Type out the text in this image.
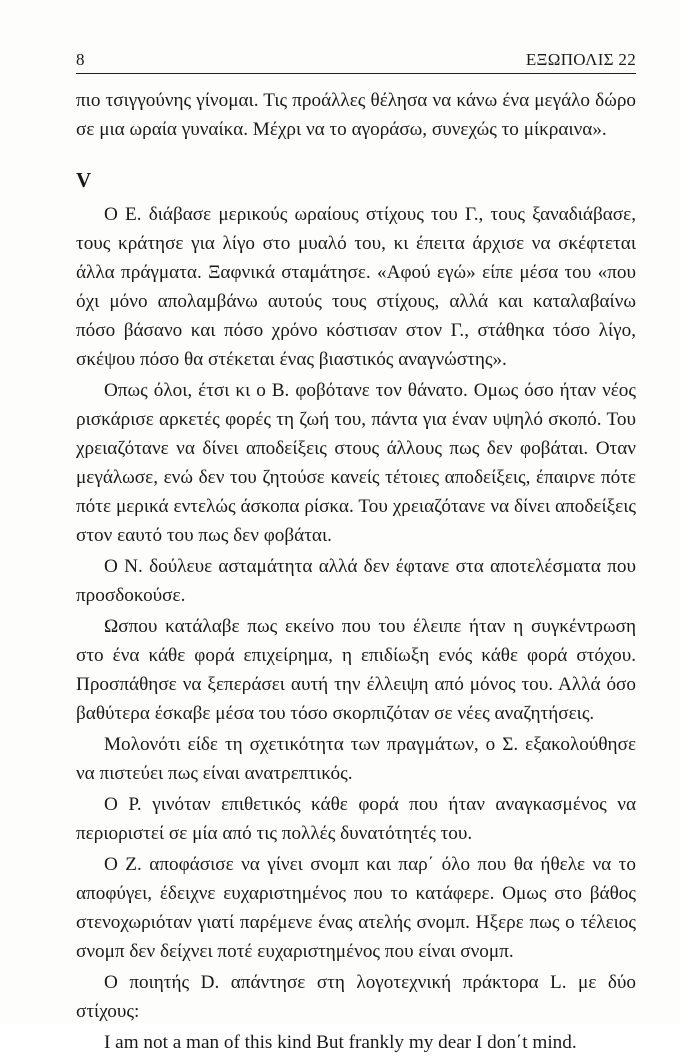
8	ΕΞΩΠΟΛΙΣ 22

πιο τσιγγούνης γίνομαι. Τις προάλλες θέλησα να κάνω ένα μεγάλο δώρο σε μια ωραία γυναίκα. Μέχρι να το αγοράσω, συνεχώς το μίκραινα».

V

Ο Ε. διάβασε μερικούς ωραίους στίχους του Γ., τους ξαναδιάβασε, τους κράτησε για λίγο στο μυαλό του, κι έπειτα άρχισε να σκέφτεται άλλα πράγματα. Ξαφνικά σταμάτησε. «Αφού εγώ» είπε μέσα του «που όχι μόνο απολαμβάνω αυτούς τους στίχους, αλλά και καταλαβαίνω πόσο βάσανο και πόσο χρόνο κόστισαν στον Γ., στάθηκα τόσο λίγο, σκέψου πόσο θα στέκεται ένας βιαστικός αναγνώστης».

Οπως όλοι, έτσι κι ο Β. φοβότανε τον θάνατο. Ομως όσο ήταν νέος ρισκάρισε αρκετές φορές τη ζωή του, πάντα για έναν υψηλό σκοπό. Του χρειαζότανε να δίνει αποδείξεις στους άλλους πως δεν φοβάται. Οταν μεγάλωσε, ενώ δεν του ζητούσε κανείς τέτοιες αποδείξεις, έπαιρνε πότε πότε μερικά εντελώς άσκοπα ρίσκα. Του χρειαζότανε να δίνει αποδείξεις στον εαυτό του πως δεν φοβάται.

Ο Ν. δούλευε ασταμάτητα αλλά δεν έφτανε στα αποτελέσματα που προσδοκούσε.

Ωσπου κατάλαβε πως εκείνο που του έλειπε ήταν η συγκέντρωση στο ένα κάθε φορά επιχείρημα, η επιδίωξη ενός κάθε φορά στόχου. Προσπάθησε να ξεπεράσει αυτή την έλλειψη από μόνος του. Αλλά όσο βαθύτερα έσκαβε μέσα του τόσο σκορπιζόταν σε νέες αναζητήσεις.

Μολονότι είδε τη σχετικότητα των πραγμάτων, ο Σ. εξακολούθησε να πιστεύει πως είναι ανατρεπτικός.

Ο Ρ. γινόταν επιθετικός κάθε φορά που ήταν αναγκασμένος να περιοριστεί σε μία από τις πολλές δυνατότητές του.

Ο Ζ. αποφάσισε να γίνει σνομπ και παρ΄ όλο που θα ήθελε να το αποφύγει, έδειχνε ευχαριστημένος που το κατάφερε. Ομως στο βάθος στενοχωριόταν γιατί παρέμενε ένας ατελής σνομπ. Ηξερε πως ο τέλειος σνομπ δεν δείχνει ποτέ ευχαριστημένος που είναι σνομπ.

Ο ποιητής D. απάντησε στη λογοτεχνική πράκτορα L. με δύο στίχους:

I am not a man of this kind But frankly my dear I don΄t mind.
